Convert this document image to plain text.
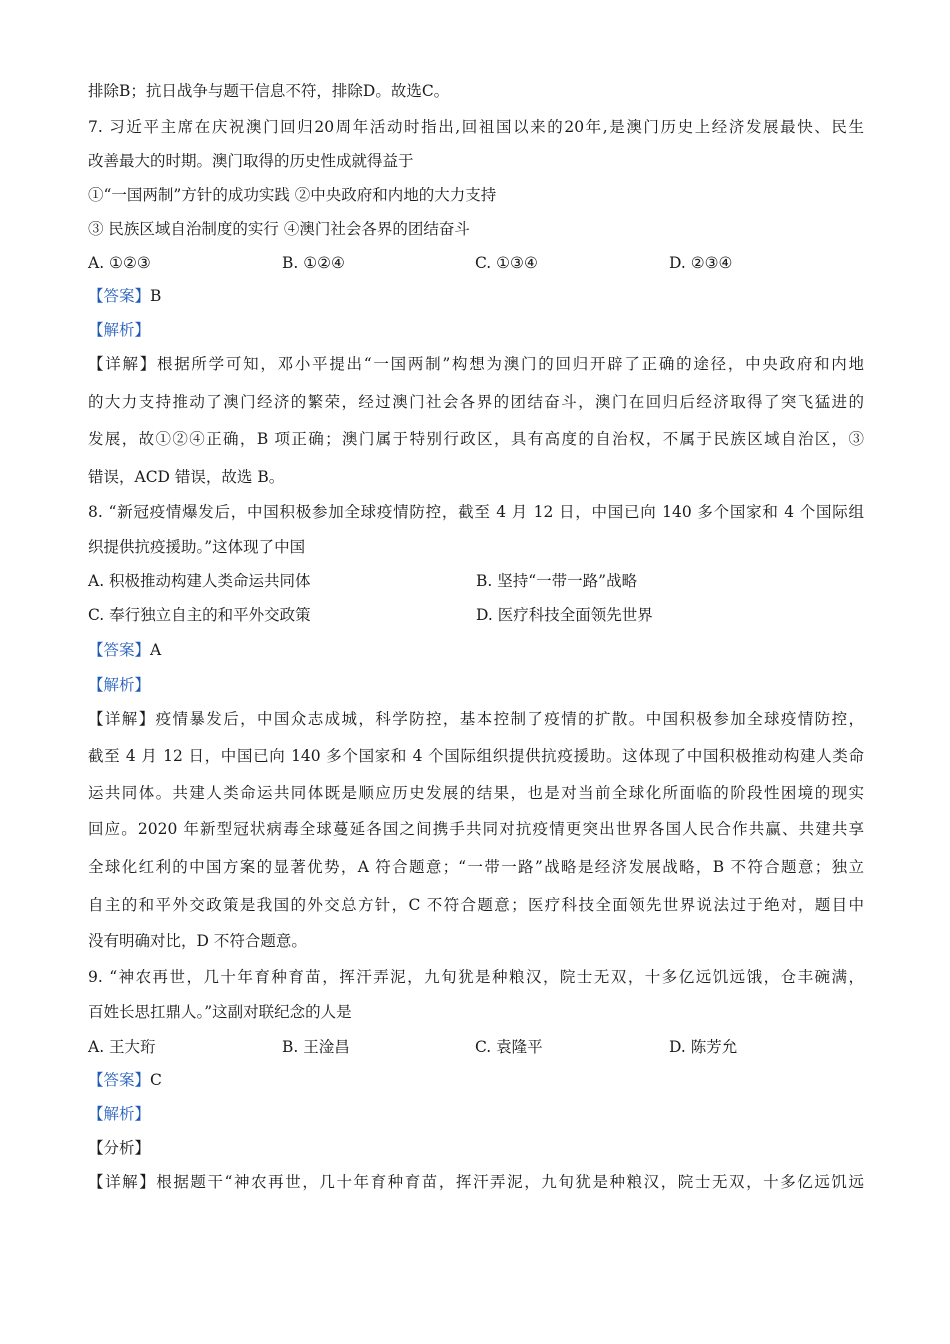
排除B；抗日战争与题干信息不符，排除D。故选C。
7. 习近平主席在庆祝澳门回归20周年活动时指出,回祖国以来的20年,是澳门历史上经济发展最快、民生
改善最大的时期。澳门取得的历史性成就得益于
①“一国两制”方针的成功实践 ②中央政府和内地的大力支持
③ 民族区域自治制度的实行 ④澳门社会各界的团结奋斗
A. ①②③	B. ①②④	C. ①③④	D. ②③④
【答案】B
【解析】
【详解】根据所学可知，邓小平提出“一国两制”构想为澳门的回归开辟了正确的途径，中央政府和内地
的大力支持推动了澳门经济的繁荣，经过澳门社会各界的团结奋斗，澳门在回归后经济取得了突飞猛进的
发展，故①②④正确，B 项正确；澳门属于特别行政区，具有高度的自治权，不属于民族区域自治区，③
错误，ACD 错误，故选 B。
8. “新冠疫情爆发后，中国积极参加全球疫情防控，截至 4 月 12 日，中国已向 140 多个国家和 4 个国际组
织提供抗疫援助。”这体现了中国
A. 积极推动构建人类命运共同体	B. 坚持“一带一路”战略
C. 奉行独立自主的和平外交政策	D. 医疗科技全面领先世界
【答案】A
【解析】
【详解】疫情暴发后，中国众志成城，科学防控，基本控制了疫情的扩散。中国积极参加全球疫情防控，
截至 4 月 12 日，中国已向 140 多个国家和 4 个国际组织提供抗疫援助。这体现了中国积极推动构建人类命
运共同体。共建人类命运共同体既是顺应历史发展的结果，也是对当前全球化所面临的阶段性困境的现实
回应。2020 年新型冠状病毒全球蔓延各国之间携手共同对抗疫情更突出世界各国人民合作共赢、共建共享
全球化红利的中国方案的显著优势，A 符合题意；“一带一路”战略是经济发展战略，B 不符合题意；独立
自主的和平外交政策是我国的外交总方针，C 不符合题意；医疗科技全面领先世界说法过于绝对，题目中
没有明确对比，D 不符合题意。
9. “神农再世，几十年育种育苗，挥汗弄泥，九旬犹是种粮汉，院士无双，十多亿远饥远饿，仓丰碗满，
百姓长思扛鼎人。”这副对联纪念的人是
A. 王大珩	B. 王淦昌	C. 袁隆平	D. 陈芳允
【答案】C
【解析】
【分析】
【详解】根据题干“神农再世，几十年育种育苗，挥汗弄泥，九旬犹是种粮汉，院士无双，十多亿远饥远
